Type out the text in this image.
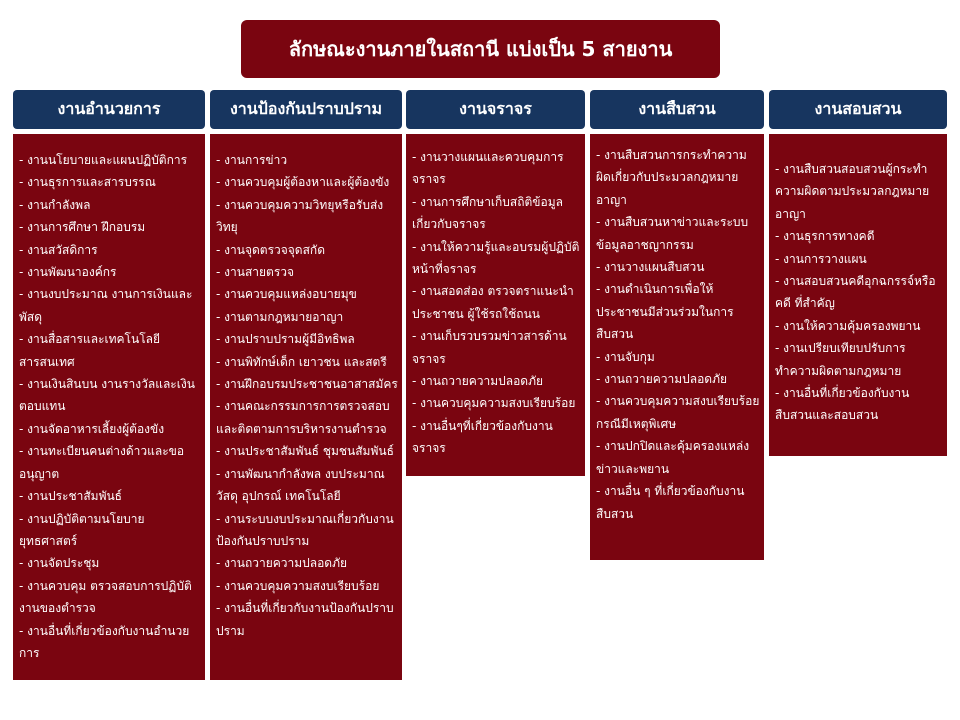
ลักษณะงานภายในสถานี แบ่งเป็น 5 สายงาน
งานอำนวยการ	งานป้องกันปราบปราม	งานจราจร	งานสืบสวน	งานสอบสวน
- งานนโยบายและแผนปฏิบัติการ
- งานธุรการและสารบรรณ
- งานกำลังพล
- งานการศึกษา ฝึกอบรม
- งานสวัสดิการ
- งานพัฒนาองค์กร
- งานงบประมาณ งานการเงินและพัสดุ
- งานสื่อสารและเทคโนโลยีสารสนเทศ
- งานเงินสินบน งานรางวัลและเงินตอบแทน
- งานจัดอาหารเลี้ยงผู้ต้องขัง
- งานทะเบียนคนต่างด้าวและขออนุญาต
- งานประชาสัมพันธ์
- งานปฏิบัติตามนโยบายยุทธศาสตร์
- งานจัดประชุม
- งานควบคุม ตรวจสอบการปฏิบัติงานของตำรวจ
- งานอื่นที่เกี่ยวข้องกับงานอำนวยการ
- งานการข่าว
- งานควบคุมผู้ต้องหาและผู้ต้องขัง
- งานควบคุมความวิทยุหรือรับส่งวิทยุ
- งานจุดตรวจจุดสกัด
- งานสายตรวจ
- งานควบคุมแหล่งอบายมุข
- งานตามกฎหมายอาญา
- งานปราบปรามผู้มีอิทธิพล
- งานพิทักษ์เด็ก เยาวชน และสตรี
- งานฝึกอบรมประชาชนอาสาสมัคร
- งานคณะกรรมการการตรวจสอบและติดตามการบริหารงานตำรวจ
- งานประชาสัมพันธ์ ชุมชนสัมพันธ์
- งานพัฒนากำลังพล งบประมาณ วัสดุ อุปกรณ์ เทคโนโลยี
- งานระบบงบประมาณเกี่ยวกับงานป้องกันปราบปราม
- งานถวายความปลอดภัย
- งานควบคุมความสงบเรียบร้อย
- งานอื่นที่เกี่ยวกับงานป้องกันปราบปราม
- งานวางแผนและควบคุมการจราจร
- งานการศึกษาเก็บสถิติข้อมูลเกี่ยวกับจราจร
- งานให้ความรู้และอบรมผู้ปฏิบัติหน้าที่จราจร
- งานสอดส่อง ตรวจตราแนะนำประชาชน ผู้ใช้รถใช้ถนน
- งานเก็บรวบรวมข่าวสารด้านจราจร
- งานถวายความปลอดภัย
- งานควบคุมความสงบเรียบร้อย
- งานอื่นๆที่เกี่ยวข้องกับงานจราจร
- งานสืบสวนการกระทำความผิดเกี่ยวกับประมวลกฎหมายอาญา
- งานสืบสวนหาข่าวและระบบข้อมูลอาชญากรรม
- งานวางแผนสืบสวน
- งานดำเนินการเพื่อให้ประชาชนมีส่วนร่วมในการสืบสวน
- งานจับกุม
- งานถวายความปลอดภัย
- งานควบคุมความสงบเรียบร้อยกรณีมีเหตุพิเศษ
- งานปกปิดและคุ้มครองแหล่งข่าวและพยาน
- งานอื่น ๆ ที่เกี่ยวข้องกับงานสืบสวน
- งานสืบสวนสอบสวนผู้กระทำความผิดตามประมวลกฎหมายอาญา
- งานธุรการทางคดี
- งานการวางแผน
- งานสอบสวนคดีอุกฉกรรจ์หรือคดี ที่สำคัญ
- งานให้ความคุ้มครองพยาน
- งานเปรียบเทียบปรับการทำความผิดตามกฎหมาย
- งานอื่นที่เกี่ยวข้องกับงานสืบสวนและสอบสวน
